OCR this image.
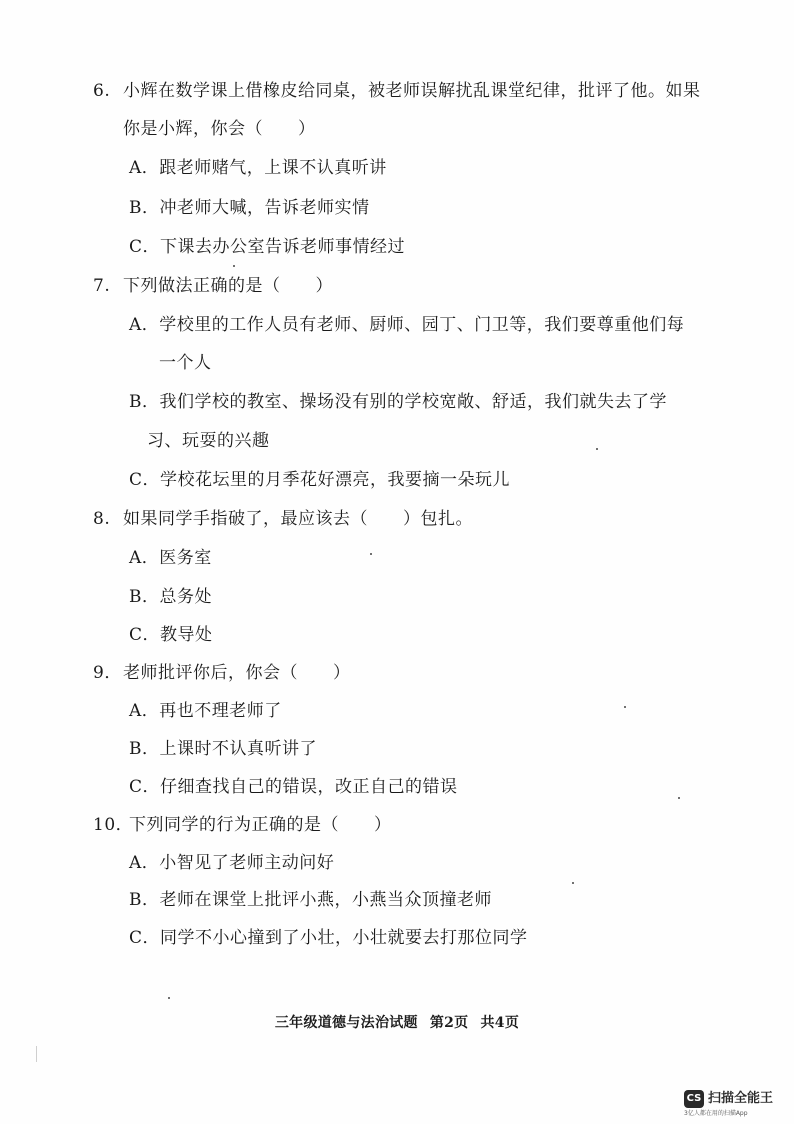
6. 小辉在数学课上借橡皮给同桌，被老师误解扰乱课堂纪律，批评了他。如果
你是小辉，你会（　　）
A．跟老师赌气，上课不认真听讲
B．冲老师大喊，告诉老师实情
C．下课去办公室告诉老师事情经过
7. 下列做法正确的是（　　）
A．学校里的工作人员有老师、厨师、园丁、门卫等，我们要尊重他们每
一个人
B．我们学校的教室、操场没有别的学校宽敞、舒适，我们就失去了学
习、玩耍的兴趣
C．学校花坛里的月季花好漂亮，我要摘一朵玩儿
8. 如果同学手指破了，最应该去（　　）包扎。
A．医务室
B．总务处
C．教导处
9．老师批评你后，你会（　　）
A．再也不理老师了
B．上课时不认真听讲了
C．仔细查找自己的错误，改正自己的错误
10．下列同学的行为正确的是（　　）
A．小智见了老师主动问好
B．老师在课堂上批评小燕，小燕当众顶撞老师
C．同学不小心撞到了小壮，小壮就要去打那位同学
三年级道德与法治试题 第2页 共4页
CS 扫描全能王
3亿人都在用的扫描App
